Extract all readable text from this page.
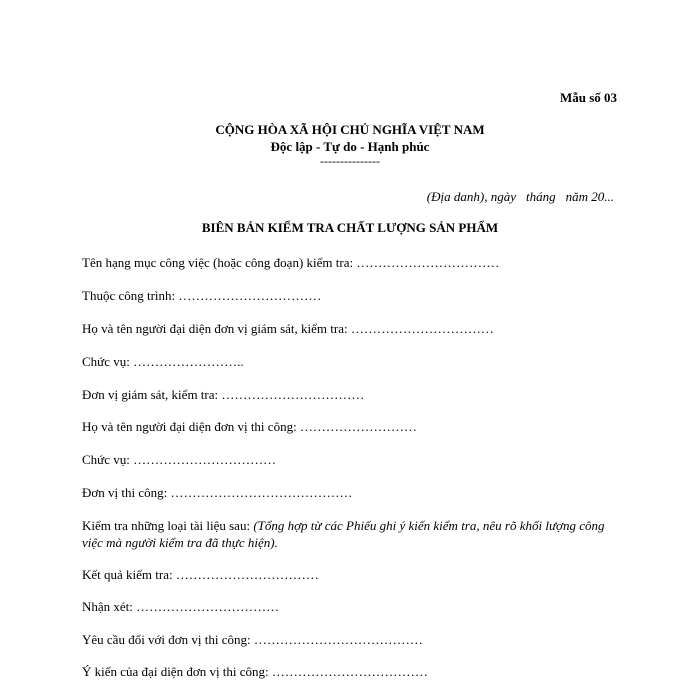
Mẫu số 03
CỘNG HÒA XÃ HỘI CHỦ NGHĨA VIỆT NAM
Độc lập - Tự do - Hạnh phúc
---------------
(Địa danh), ngày tháng năm 20...
BIÊN BẢN KIỂM TRA CHẤT LƯỢNG SẢN PHẨM
Tên hạng mục công việc (hoặc công đoạn) kiểm tra: ……………………………
Thuộc công trình: ……………………………
Họ và tên người đại diện đơn vị giám sát, kiểm tra: ……………………………
Chức vụ: ……………………..
Đơn vị giám sát, kiểm tra: ……………………………
Họ và tên người đại diện đơn vị thi công: ………………………
Chức vụ: ……………………………
Đơn vị thi công: ……………………………………
Kiểm tra những loại tài liệu sau: (Tổng hợp từ các Phiếu ghi ý kiến kiểm tra, nêu rõ khối lượng công việc mà người kiểm tra đã thực hiện).
Kết quả kiểm tra: ……………………………
Nhận xét: ……………………………
Yêu cầu đối với đơn vị thi công: …………………………………
Ý kiến của đại diện đơn vị thi công: ………………………………
